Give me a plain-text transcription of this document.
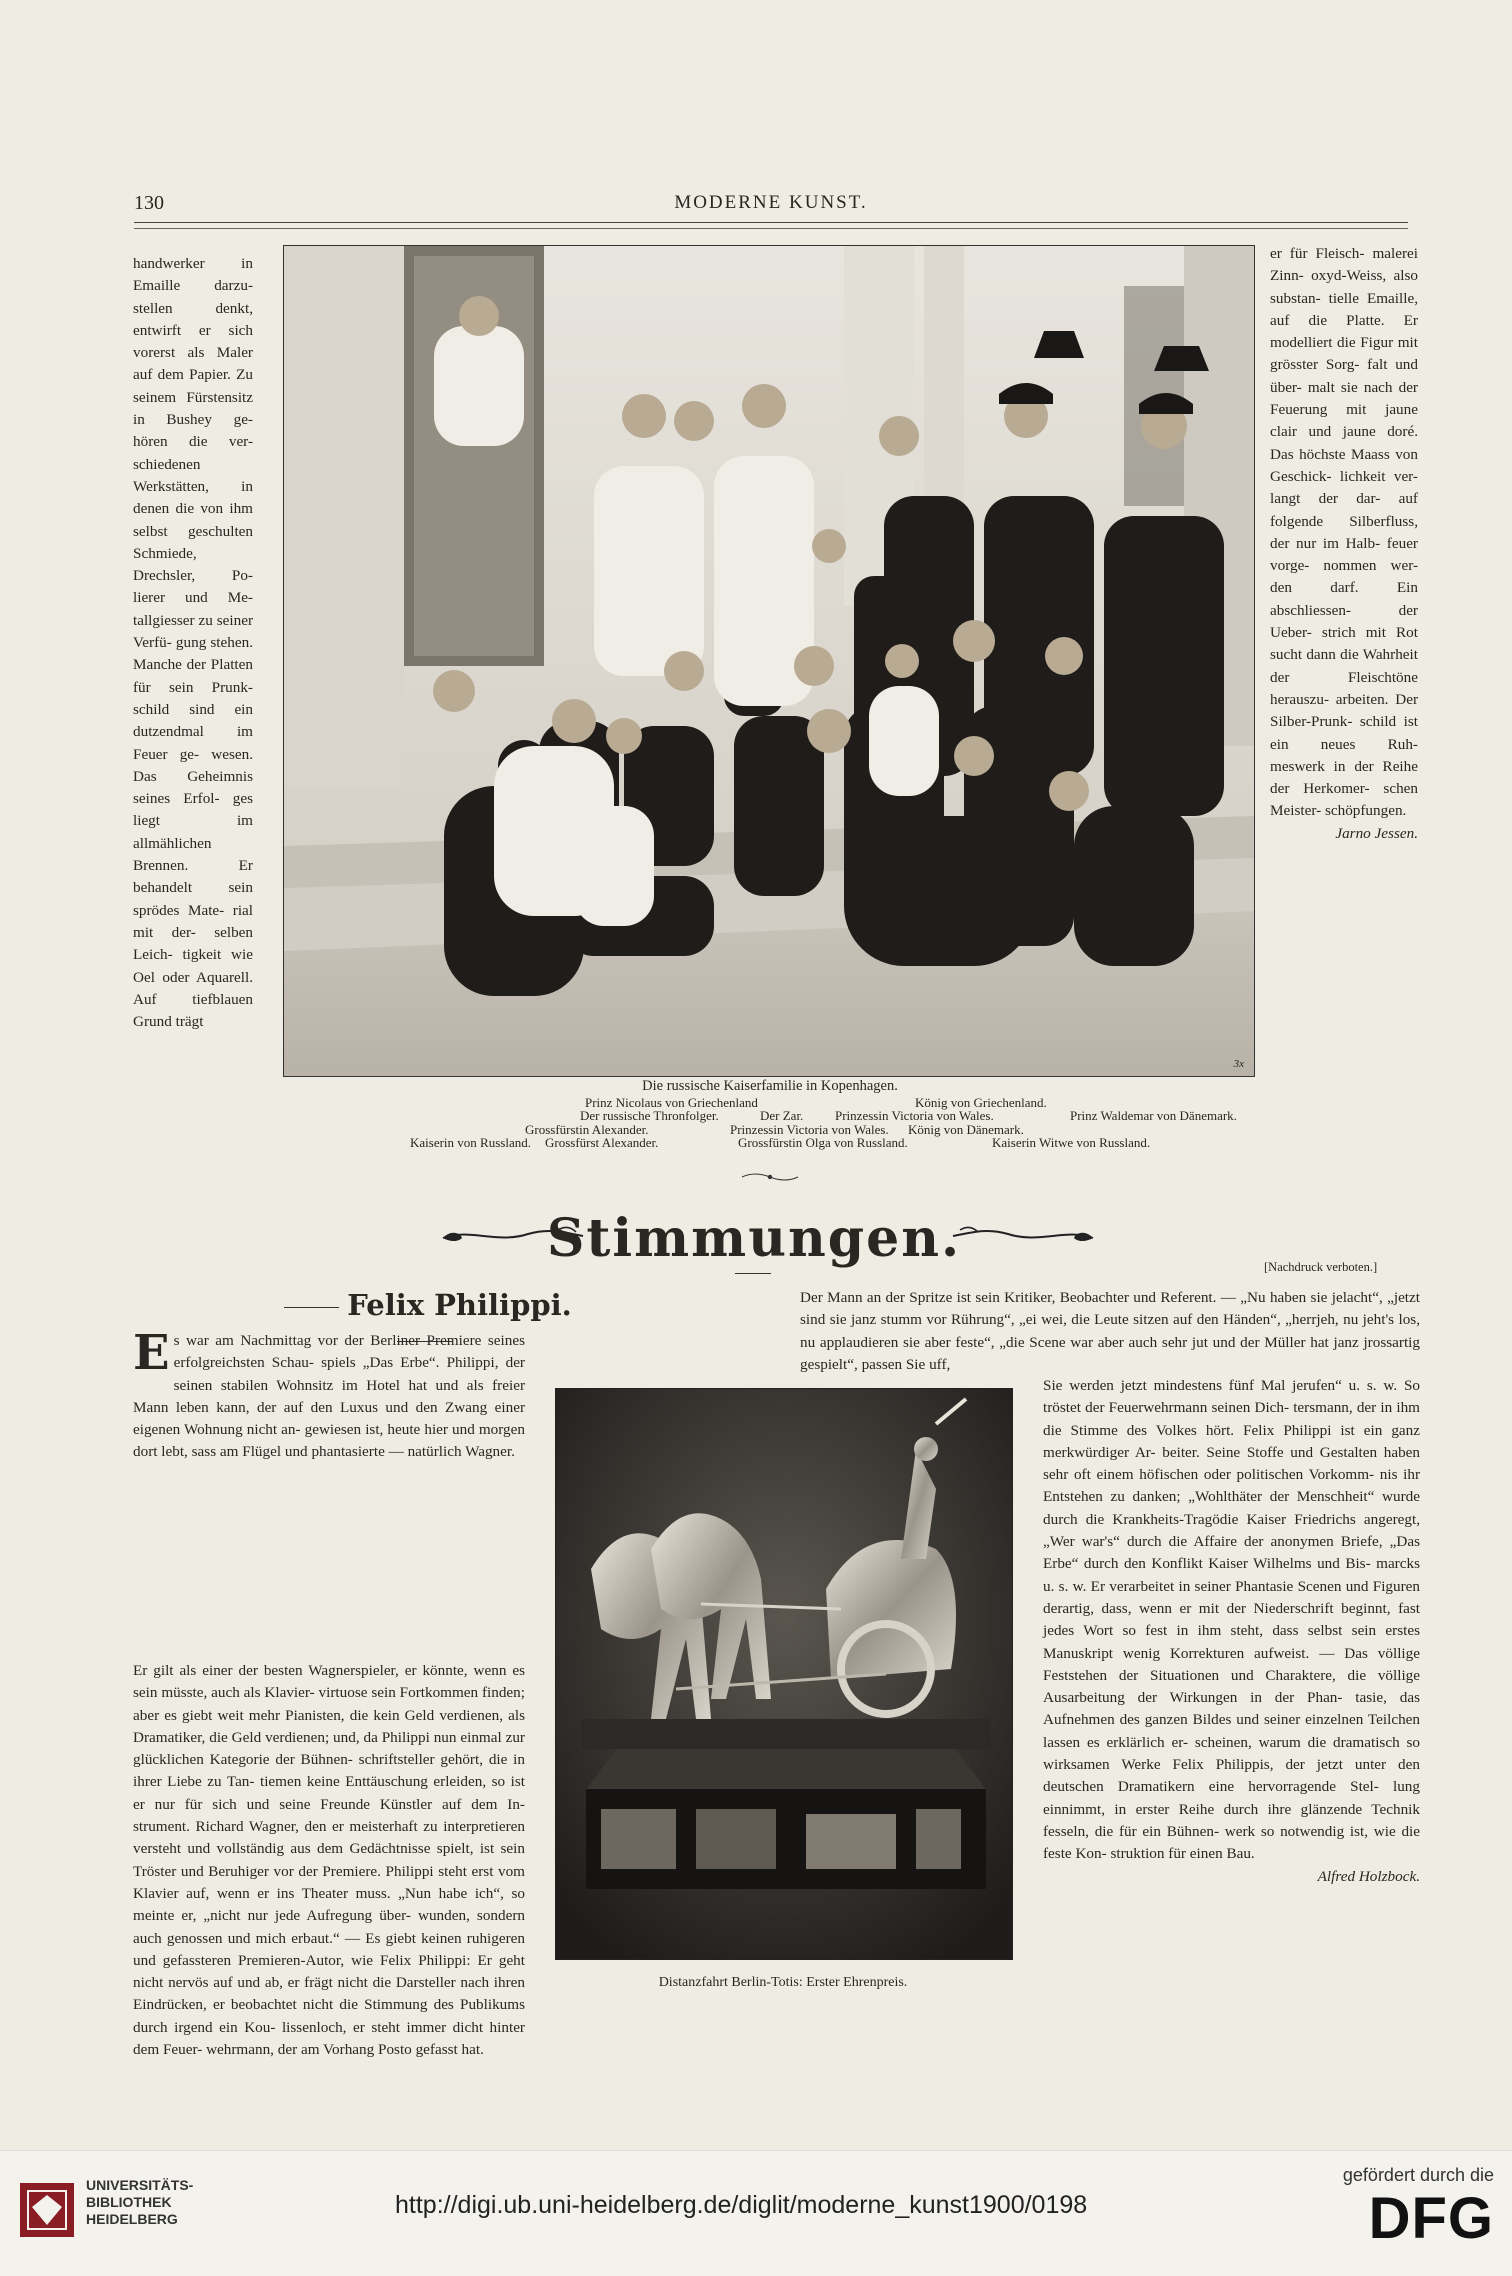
130	MODERNE KUNST.

handwerker in Emaille darzu- stellen denkt, entwirft er sich vorerst als Maler auf dem Papier. Zu seinem Fürstensitz in Bushey ge- hören die ver- schiedenen Werkstätten, in denen die von ihm selbst geschulten Schmiede, Drechsler, Po- lierer und Me- tallgiesser zu seiner Verfü- gung stehen. Manche der Platten für sein Prunk- schild sind ein dutzendmal im Feuer ge- wesen. Das Geheimnis seines Erfol- ges liegt im allmählichen Brennen. Er behandelt sein sprödes Mate- rial mit der- selben Leich- tigkeit wie Oel oder Aquarell. Auf tiefblauen Grund trägt

3x
Die russische Kaiserfamilie in Kopenhagen.
Prinz Nicolaus von Griechenland	König von Griechenland.
Der russische Thronfolger.	Der Zar. Prinzessin Victoria von Wales.	Prinz Waldemar von Dänemark.
Grossfürstin Alexander.	Prinzessin Victoria von Wales. König von Dänemark.
Kaiserin von Russland. Grossfürst Alexander.	Grossfürstin Olga von Russland.	Kaiserin Witwe von Russland.

er für Fleisch- malerei Zinn- oxyd-Weiss, also substan- tielle Emaille, auf die Platte. Er modelliert die Figur mit grösster Sorg- falt und über- malt sie nach der Feuerung mit jaune clair und jaune doré. Das höchste Maass von Geschick- lichkeit ver- langt der dar- auf folgende Silberfluss, der nur im Halb- feuer vorge- nommen wer- den darf. Ein abschliessen- der Ueber- strich mit Rot sucht dann die Wahrheit der Fleischtöne herauszu- arbeiten. Der Silber-Prunk- schild ist ein neues Ruh- meswerk in der Reihe der Herkomer- schen Meister- schöpfungen.

Jarno Jessen.

Stimmungen.	[Nachdruck verboten.]
Felix Philippi.

Es war am Nachmittag vor der Berliner Premiere seines erfolgreichsten Schau- spiels „Das Erbe“. Philippi, der seinen stabilen Wohnsitz im Hotel hat und als freier Mann leben kann, der auf den Luxus und den Zwang einer eigenen Wohnung nicht an- gewiesen ist, heute hier und morgen dort lebt, sass am Flügel und phantasierte — natürlich Wagner.

Er gilt als einer der besten Wagnerspieler, er könnte, wenn es sein müsste, auch als Klavier- virtuose sein Fortkommen finden; aber es giebt weit mehr Pianisten, die kein Geld verdienen, als Dramatiker, die Geld verdienen; und, da Philippi nun einmal zur glücklichen Kategorie der Bühnen- schriftsteller gehört, die in ihrer Liebe zu Tan- tiemen keine Enttäuschung erleiden, so ist er nur für sich und seine Freunde Künstler auf dem In- strument. Richard Wagner, den er meisterhaft zu interpretieren versteht und vollständig aus dem Gedächtnisse spielt, ist sein Tröster und Beruhiger vor der Premiere. Philippi steht erst vom Klavier auf, wenn er ins Theater muss. „Nun habe ich“, so meinte er, „nicht nur jede Aufregung über- wunden, sondern auch genossen und mich erbaut.“ — Es giebt keinen ruhigeren und gefassteren Premieren-Autor, wie Felix Philippi: Er geht nicht nervös auf und ab, er frägt nicht die Darsteller nach ihren Eindrücken, er beobachtet nicht die Stimmung des Publikums durch irgend ein Kou- lissenloch, er steht immer dicht hinter dem Feuer- wehrmann, der am Vorhang Posto gefasst hat.

Der Mann an der Spritze ist sein Kritiker, Beobachter und Referent. — „Nu haben sie jelacht“, „jetzt sind sie janz stumm vor Rührung“, „ei wei, die Leute sitzen auf den Händen“, „herrjeh, nu jeht's los, nu applaudieren sie aber feste“, „die Scene war aber auch sehr jut und der Müller hat janz jrossartig gespielt“, passen Sie uff,

Sie werden jetzt mindestens fünf Mal jerufen“ u. s. w. So tröstet der Feuerwehrmann seinen Dich- tersmann, der in ihm die Stimme des Volkes hört. Felix Philippi ist ein ganz merkwürdiger Ar- beiter. Seine Stoffe und Gestalten haben sehr oft einem höfischen oder politischen Vorkomm- nis ihr Entstehen zu danken; „Wohlthäter der Menschheit“ wurde durch die Krankheits-Tragödie Kaiser Friedrichs angeregt, „Wer war's“ durch die Affaire der anonymen Briefe, „Das Erbe“ durch den Konflikt Kaiser Wilhelms und Bis- marcks u. s. w. Er verarbeitet in seiner Phantasie Scenen und Figuren derartig, dass, wenn er mit der Niederschrift beginnt, fast jedes Wort so fest in ihm steht, dass selbst sein erstes Manuskript wenig Korrekturen aufweist. — Das völlige Feststehen der Situationen und Charaktere, die völlige Ausarbeitung der Wirkungen in der Phan- tasie, das Aufnehmen des ganzen Bildes und seiner einzelnen Teilchen lassen es erklärlich er- scheinen, warum die dramatisch so wirksamen Werke Felix Philippis, der jetzt unter den deutschen Dramatikern eine hervorragende Stel- lung einnimmt, in erster Reihe durch ihre glänzende Technik fesseln, die für ein Bühnen- werk so notwendig ist, wie die feste Kon- struktion für einen Bau.

Alfred Holzbock.

Distanzfahrt Berlin-Totis: Erster Ehrenpreis.
UNIVERSITÄTS-
BIBLIOTHEK
HEIDELBERG	http://digi.ub.uni-heidelberg.de/diglit/moderne_kunst1900/0198
gefördert durch die
DFG
